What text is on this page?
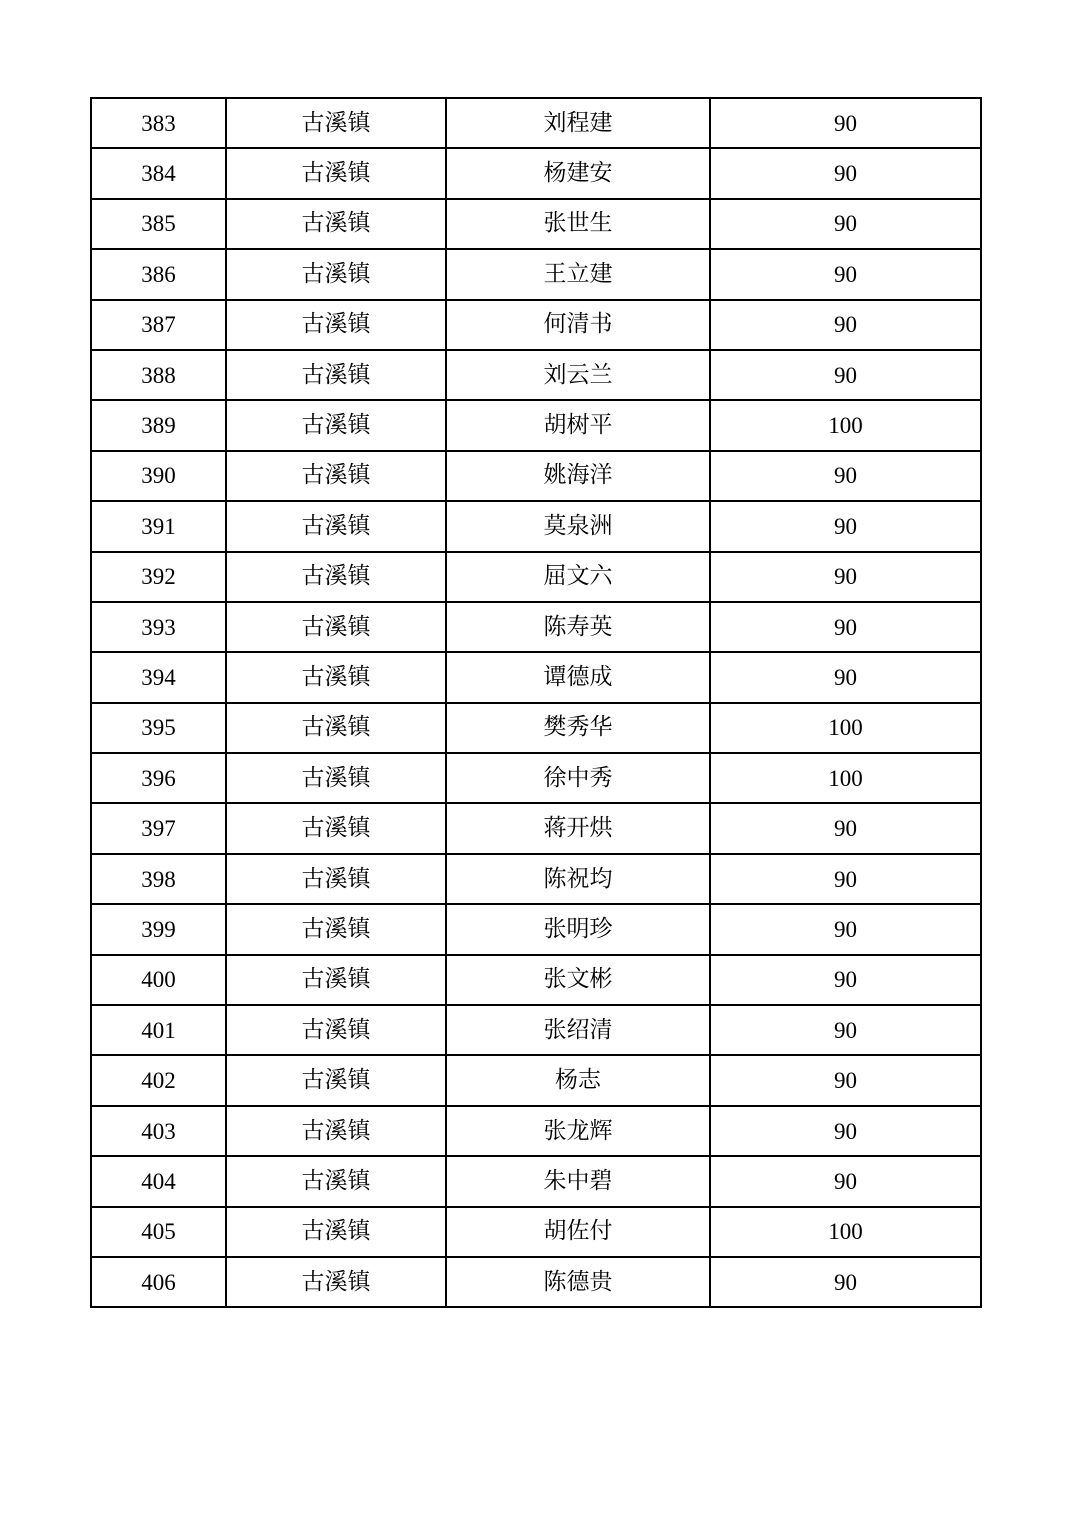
383	古溪镇	刘程建	90
384	古溪镇	杨建安	90
385	古溪镇	张世生	90
386	古溪镇	王立建	90
387	古溪镇	何清书	90
388	古溪镇	刘云兰	90
389	古溪镇	胡树平	100
390	古溪镇	姚海洋	90
391	古溪镇	莫泉洲	90
392	古溪镇	屈文六	90
393	古溪镇	陈寿英	90
394	古溪镇	谭德成	90
395	古溪镇	樊秀华	100
396	古溪镇	徐中秀	100
397	古溪镇	蒋开烘	90
398	古溪镇	陈祝均	90
399	古溪镇	张明珍	90
400	古溪镇	张文彬	90
401	古溪镇	张绍清	90
402	古溪镇	杨志	90
403	古溪镇	张龙辉	90
404	古溪镇	朱中碧	90
405	古溪镇	胡佐付	100
406	古溪镇	陈德贵	90
